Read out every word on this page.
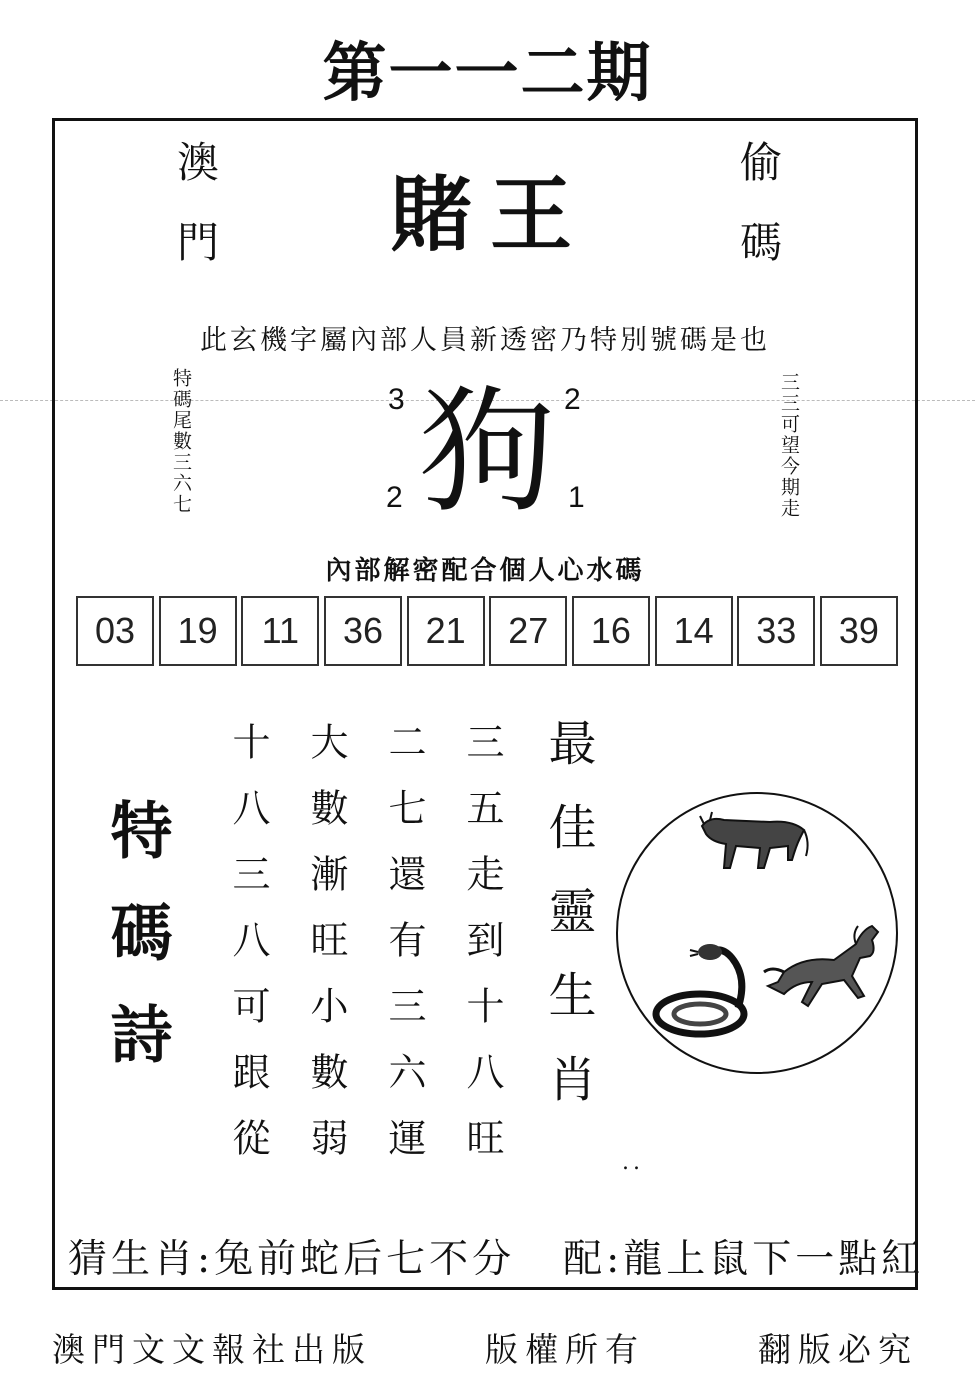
第一一二期
澳門	偷碼
賭王
此玄機字屬內部人員新透密乃特別號碼是也
特碼尾數三六七	三三可望今期走
狗
3	2
2	1
內部解密配合個人心水碼
03	19	11	36	21	27	16	14	33	39
特碼詩	三五走到十八旺
二七還有三六運
大數漸旺小數弱
十八三八可跟從	最佳靈生肖
..
猜生肖:兔前蛇后七不分 配:龍上鼠下一點紅
澳門文文報社出版	版權所有	翻版必究
